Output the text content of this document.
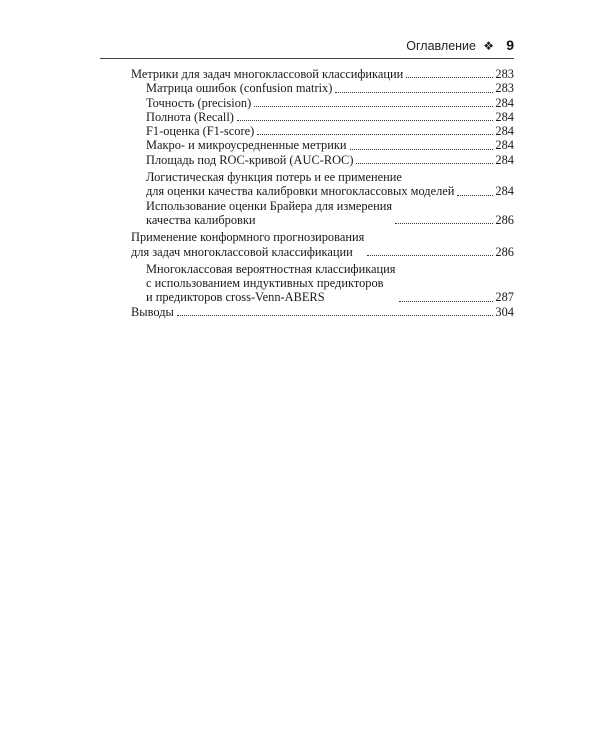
Оглавление ❖ 9
Метрики для задач многоклассовой классификации	283
Матрица ошибок (confusion matrix)	283
Точность (precision)	284
Полнота (Recall)	284
F1-оценка (F1-score)	284
Макро- и микроусредненные метрики	284
Площадь под ROC-кривой (AUC-ROC)	284
Логистическая функция потерь и ее применение
для оценки качества калибровки многоклассовых моделей	284
Использование оценки Брайера для измерения
качества калибровки	286
Применение конформного прогнозирования
для задач многоклассовой классификации	286
Многоклассовая вероятностная классификация
с использованием индуктивных предикторов
и предикторов cross-Venn-ABERS	287
Выводы	304
